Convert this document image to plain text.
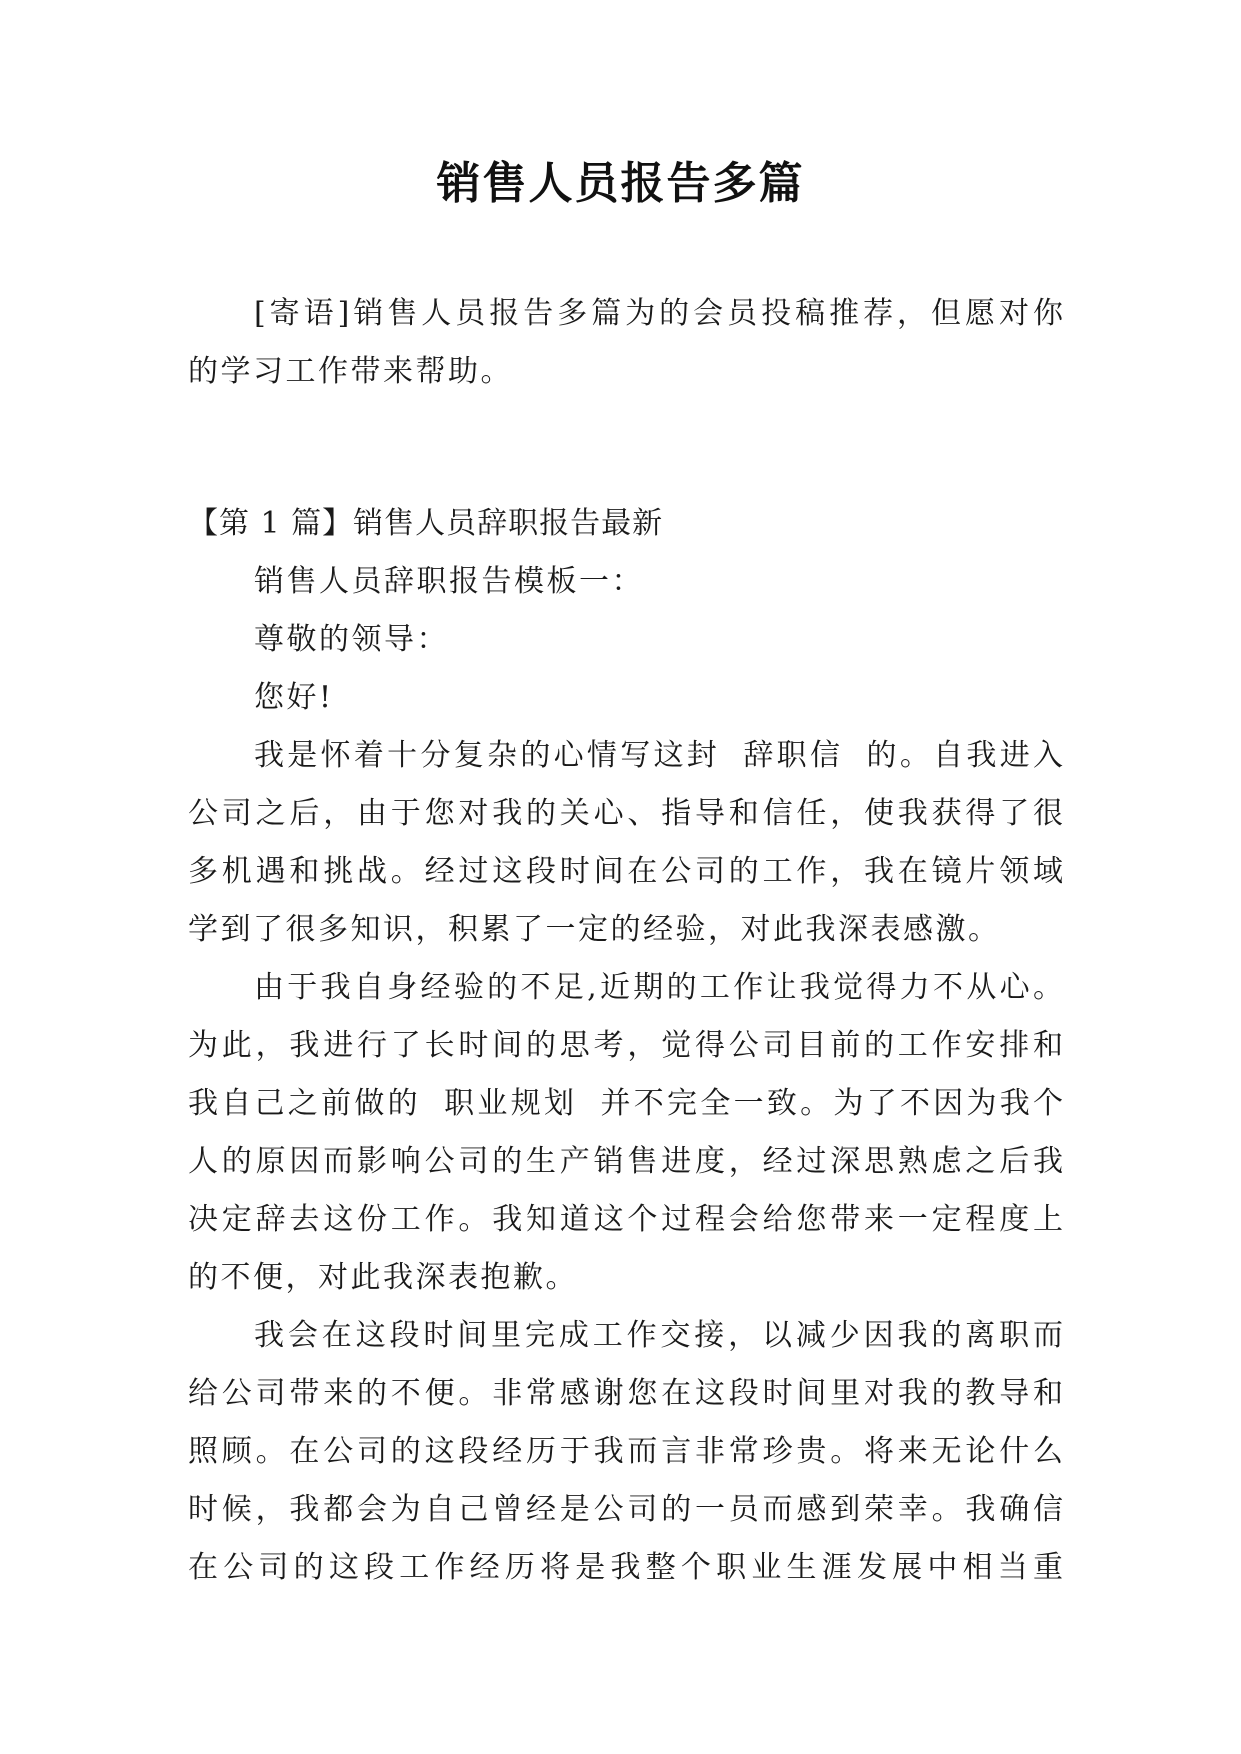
销售人员报告多篇
[寄语]销售人员报告多篇为的会员投稿推荐，但愿对你
的学习工作带来帮助。
【第 1 篇】销售人员辞职报告最新
销售人员辞职报告模板一：
尊敬的领导：
您好!
我是怀着十分复杂的心情写这封 辞职信 的。自我进入
公司之后，由于您对我的关心、指导和信任，使我获得了很
多机遇和挑战。经过这段时间在公司的工作，我在镜片领域
学到了很多知识，积累了一定的经验，对此我深表感激。
由于我自身经验的不足,近期的工作让我觉得力不从心。
为此，我进行了长时间的思考，觉得公司目前的工作安排和
我自己之前做的 职业规划 并不完全一致。为了不因为我个
人的原因而影响公司的生产销售进度，经过深思熟虑之后我
决定辞去这份工作。我知道这个过程会给您带来一定程度上
的不便，对此我深表抱歉。
我会在这段时间里完成工作交接，以减少因我的离职而
给公司带来的不便。非常感谢您在这段时间里对我的教导和
照顾。在公司的这段经历于我而言非常珍贵。将来无论什么
时候，我都会为自己曾经是公司的一员而感到荣幸。我确信
在公司的这段工作经历将是我整个职业生涯发展中相当重
